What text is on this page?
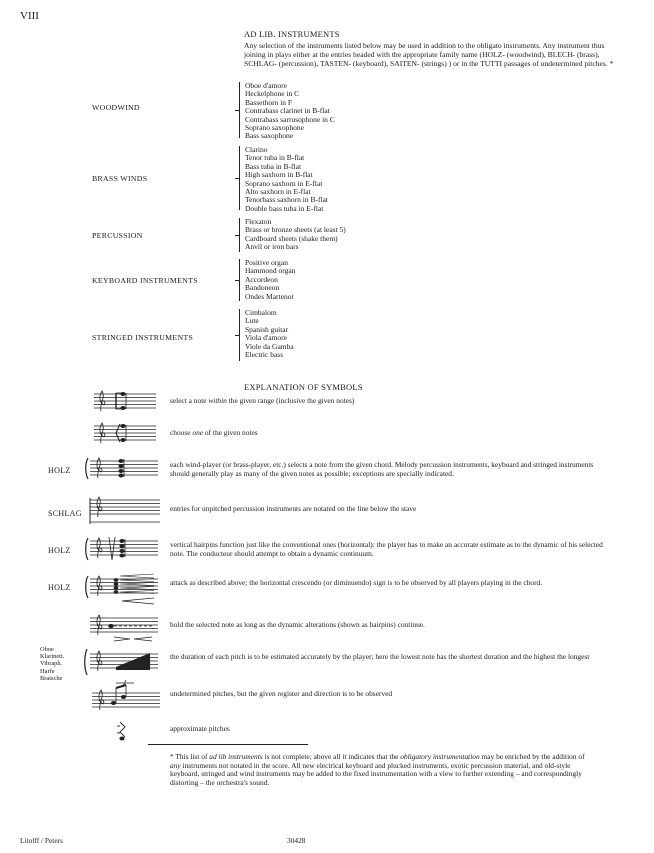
VIII
AD LIB. INSTRUMENTS
Any selection of the instruments listed below may be used in addition to the obligato instruments. Any instrument thus joining in plays either at the entries headed with the appropriate family name (HOLZ- (woodwind), BLECH- (brass), SCHLAG- (percussion), TASTEN- (keyboard), SAITEN- (strings) ) or in the TUTTI passages of undetermined pitches. *
WOODWIND
Oboe d'amore
Heckelphone in C
Bassethorn in F
Contrabass clarinet in B-flat
Contrabass sarrusophone in C
Soprano saxophone
Bass saxophone
BRASS WINDS
Clarino
Tenor tuba in B-flat
Bass tuba in B-flat
High saxhorn in B-flat
Soprano saxhorn in E-flat
Alto saxhorn in E-flat
Tenorbass saxhorn in B-flat
Double bass tuba in E-flat
PERCUSSION
Flexaton
Brass or bronze sheets (at least 5)
Cardboard sheets (shake them)
Anvil or iron bars
KEYBOARD INSTRUMENTS
Positive organ
Hammond organ
Accordeon
Bandoneon
Ondes Martenot
STRINGED INSTRUMENTS
Cimbalom
Lute
Spanish guitar
Viola d'amore
Viole da Gamba
Electric bass
EXPLANATION OF SYMBOLS
select a note within the given range (inclusive the given notes)
choose one of the given notes
HOLZ
each wind-player (or brass-player, etc.) selects a note from the given chord. Melody percussion instruments, keyboard and stringed instruments should generally play as many of the given notes as possible; exceptions are specially indicated.
SCHLAG
entries for unpitched percussion instruments are notated on the line below the stave
HOLZ
vertical hairpins function just like the conventional ones (horizontal): the player has to make an accurate estimate as to the dynamic of his selected note. The conducteur should attempt to obtain a dynamic continuum.
HOLZ
attack as described above; the horizontal crescendo (or diminuendo) sign is to be observed by all players playing in the chord.
hold the selected note as long as the dynamic alterations (shown as hairpins) continue.
Oboe
Klarinett.
Vibraph.
Harfe
Bratsche
the duration of each pitch is to be estimated accurately by the player; here the lowest note has the shortest duration and the highest the longest
undetermined pitches, but the given register and direction is to be observed
approximate pitches
* This list of ad lib instruments is not complete; above all it indicates that the obligatory instrumentation may be enriched by the addition of any instruments not notated in the score. All new electrical keyboard and plucked instruments, exotic percussion material, and old-style keyboard, stringed and wind instruments may be added to the fixed instrumentation with a view to further extending – and correspondingly distorting – the orchestra's sound.
Litolff / Peters	30428
